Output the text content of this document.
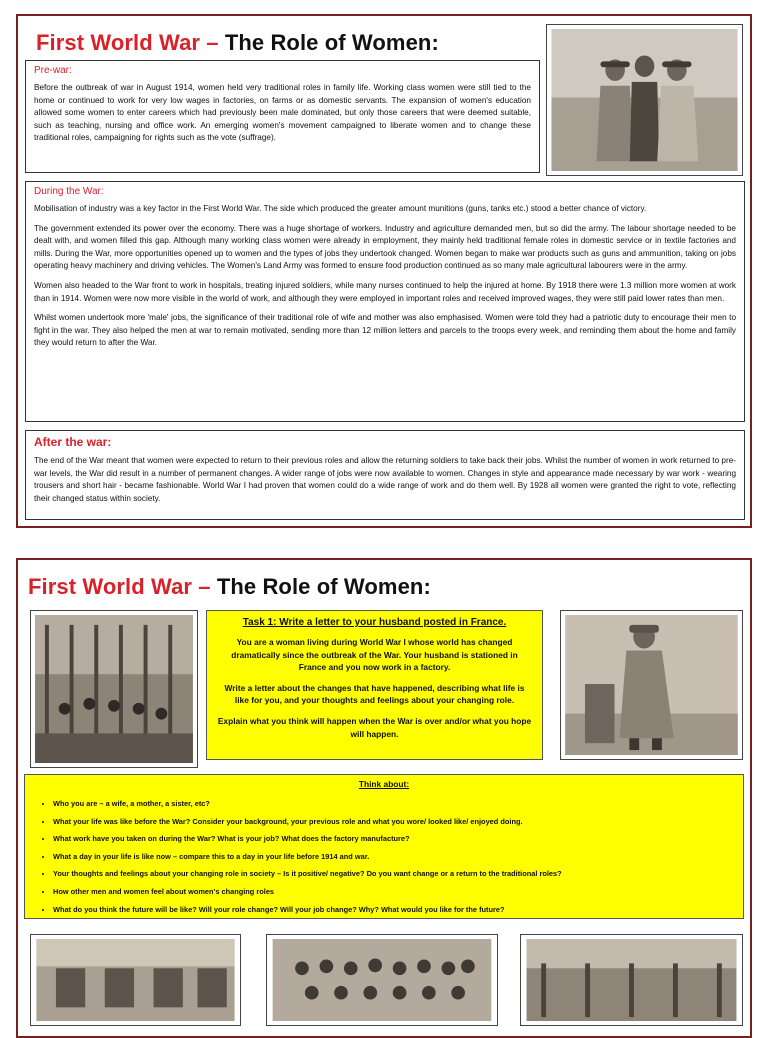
First World War – The Role of Women:
Pre-war:

Before the outbreak of war in August 1914, women held very traditional roles in family life. Working class women were still tied to the home or continued to work for very low wages in factories, on farms or as domestic servants. The expansion of women's education allowed some women to enter careers which had previously been male dominated, but only those careers that were deemed suitable, such as teaching, nursing and office work. An emerging women's movement campaigned to liberate women and to change these traditional roles, campaigning for rights such as the vote (suffrage).

During the War:

Mobilisation of industry was a key factor in the First World War. The side which produced the greater amount munitions (guns, tanks etc.) stood a better chance of victory.

The government extended its power over the economy. There was a huge shortage of workers. Industry and agriculture demanded men, but so did the army. The labour shortage needed to be dealt with, and women filled this gap. Although many working class women were already in employment, they mainly held traditional female roles in domestic service or in textile factories and mills. During the War, more opportunities opened up to women and the types of jobs they undertook changed. Women began to make war products such as guns and ammunition, taking on jobs operating heavy machinery and driving vehicles. The Women's Land Army was formed to ensure food production continued as so many male agricultural labourers were in the army.

Women also headed to the War front to work in hospitals, treating injured soldiers, while many nurses continued to help the injured at home. By 1918 there were 1.3 million more women at work than in 1914. Women were now more visible in the world of work, and although they were employed in important roles and received improved wages, they were still paid lower rates than men.

Whilst women undertook more 'male' jobs, the significance of their traditional role of wife and mother was also emphasised. Women were told they had a patriotic duty to encourage their men to fight in the war. They also helped the men at war to remain motivated, sending more than 12 million letters and parcels to the troops every week, and reminding them about the home and family they would return to after the War.

After the war:

The end of the War meant that women were expected to return to their previous roles and allow the returning soldiers to take back their jobs. Whilst the number of women in work returned to pre-war levels, the War did result in a number of permanent changes. A wider range of jobs were now available to women. Changes in style and appearance made necessary by war work - wearing trousers and short hair - became fashionable. World War I had proven that women could do a wide range of work and do them well. By 1928 all women were granted the right to vote, reflecting their changed status within society.

First World War – The Role of Women:
Task 1: Write a letter to your husband posted in France.

You are a woman living during World War I whose world has changed dramatically since the outbreak of the War. Your husband is stationed in France and you now work in a factory.

Write a letter about the changes that have happened, describing what life is like for you, and your thoughts and feelings about your changing role.

Explain what you think will happen when the War is over and/or what you hope will happen.

Think about:
• Who you are – a wife, a mother, a sister, etc?
• What your life was like before the War? Consider your background, your previous role and what you wore/ looked like/ enjoyed doing.
• What work have you taken on during the War? What is your job? What does the factory manufacture?
• What a day in your life is like now – compare this to a day in your life before 1914 and war.
• Your thoughts and feelings about your changing role in society – Is it positive/ negative? Do you want change or a return to the traditional roles?
• How other men and women feel about women's changing roles
• What do you think the future will be like? Will your role change? Will your job change? Why? What would you like for the future?
